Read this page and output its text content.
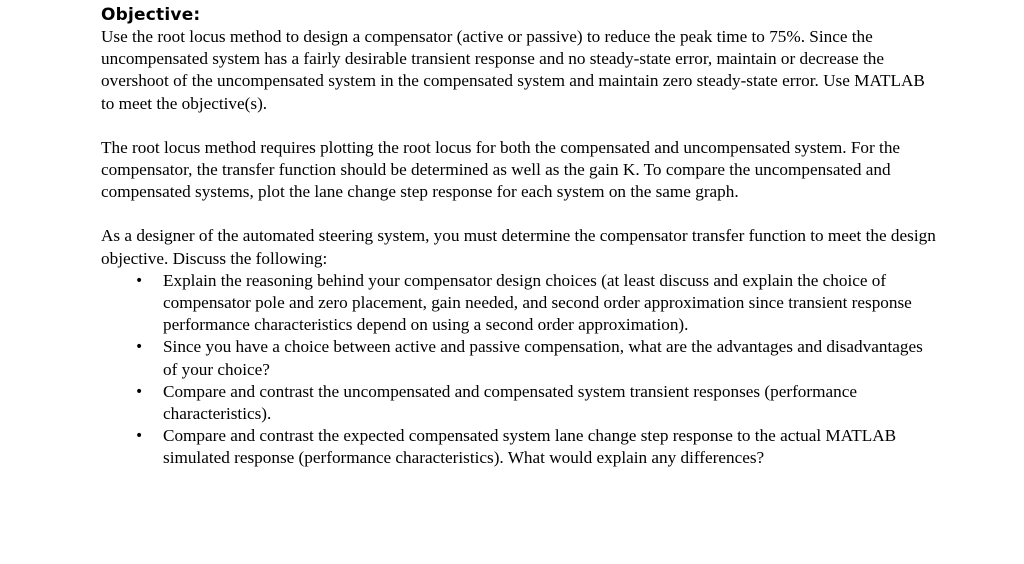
Objective:

Use the root locus method to design a compensator (active or passive) to reduce the peak time to 75%. Since the uncompensated system has a fairly desirable transient response and no steady-state error, maintain or decrease the overshoot of the uncompensated system in the compensated system and maintain zero steady-state error. Use MATLAB to meet the objective(s).

The root locus method requires plotting the root locus for both the compensated and uncompensated system. For the compensator, the transfer function should be determined as well as the gain K. To compare the uncompensated and compensated systems, plot the lane change step response for each system on the same graph.

As a designer of the automated steering system, you must determine the compensator transfer function to meet the design objective. Discuss the following:

•	Explain the reasoning behind your compensator design choices (at least discuss and explain the choice of compensator pole and zero placement, gain needed, and second order approximation since transient response performance characteristics depend on using a second order approximation).
•	Since you have a choice between active and passive compensation, what are the advantages and disadvantages of your choice?
•	Compare and contrast the uncompensated and compensated system transient responses (performance characteristics).
•	Compare and contrast the expected compensated system lane change step response to the actual MATLAB simulated response (performance characteristics). What would explain any differences?
